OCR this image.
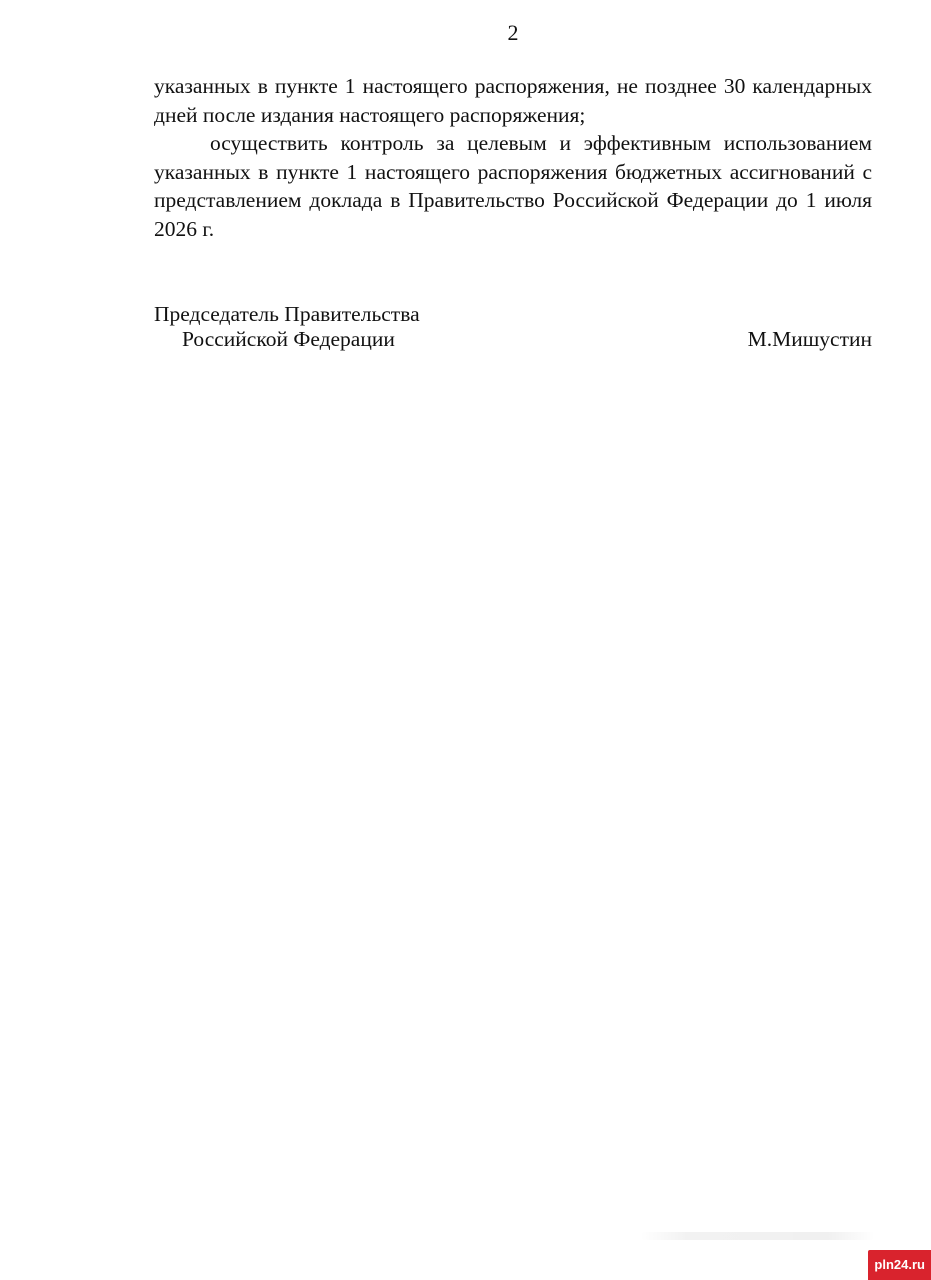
2

указанных в пункте 1 настоящего распоряжения, не позднее 30 календарных дней после издания настоящего распоряжения;

осуществить контроль за целевым и эффективным использованием указанных в пункте 1 настоящего распоряжения бюджетных ассигнований с представлением доклада в Правительство Российской Федерации до 1 июля 2026 г.

Председатель Правительства
Российской Федерации	М.Мишустин
pln24.ru
